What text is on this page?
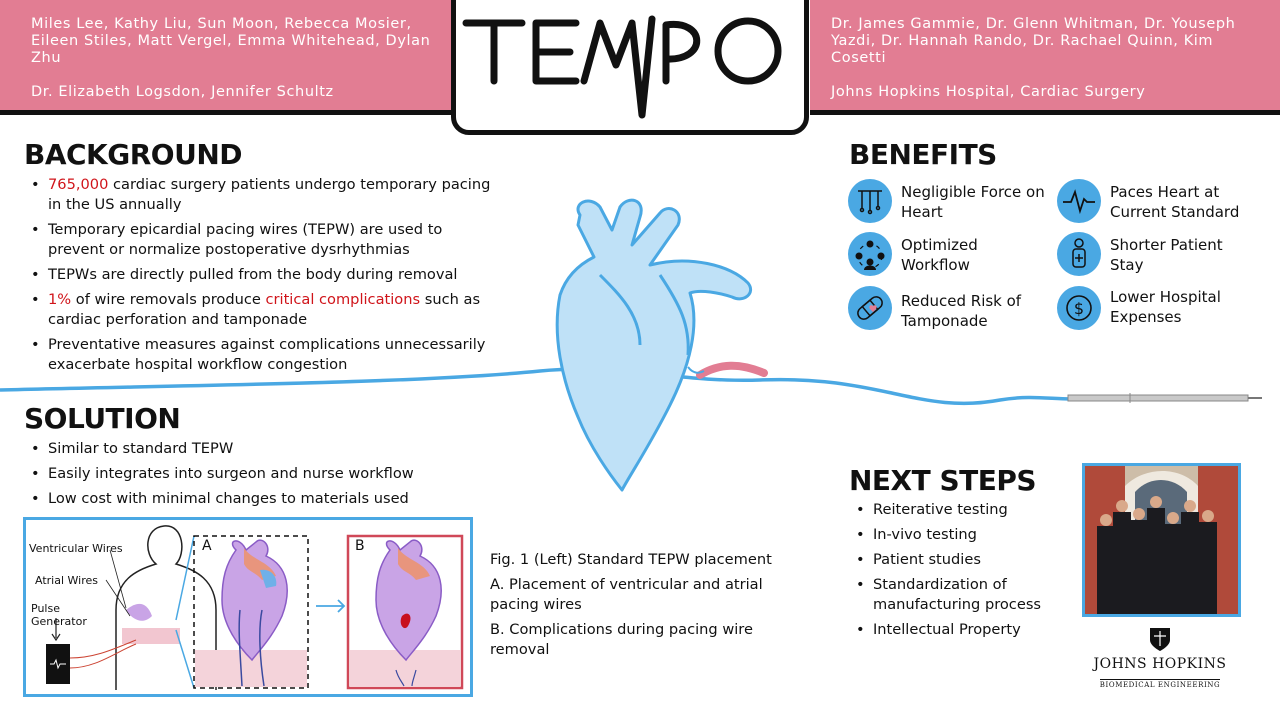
Miles Lee, Kathy Liu, Sun Moon, Rebecca Mosier, Eileen Stiles, Matt Vergel, Emma Whitehead, Dylan Zhu
Dr. Elizabeth Logsdon, Jennifer Schultz
Dr. James Gammie, Dr. Glenn Whitman, Dr. Youseph Yazdi, Dr. Hannah Rando, Dr. Rachael Quinn, Kim Cosetti
Johns Hopkins Hospital, Cardiac Surgery
BACKGROUND
• 765,000 cardiac surgery patients undergo temporary pacing in the US annually
• Temporary epicardial pacing wires (TEPW) are used to prevent or normalize postoperative dysrhythmias
• TEPWs are directly pulled from the body during removal
• 1% of wire removals produce critical complications such as cardiac perforation and tamponade
• Preventative measures against complications unnecessarily exacerbate hospital workflow congestion
SOLUTION
• Similar to standard TEPW
• Easily integrates into surgeon and nurse workflow
• Low cost with minimal changes to materials used
Ventricular Wires
Atrial Wires
Pulse Generator
A	B
Fig. 1 (Left) Standard TEPW placement
A. Placement of ventricular and atrial pacing wires
B. Complications during pacing wire removal
BENEFITS
Negligible Force on Heart
Paces Heart at Current Standard
Optimized Workflow
Shorter Patient Stay
Reduced Risk of Tamponade
$
Lower Hospital Expenses
NEXT STEPS
• Reiterative testing
• In-vivo testing
• Patient studies
• Standardization of manufacturing process
• Intellectual Property
JOHNS HOPKINS
BIOMEDICAL ENGINEERING
